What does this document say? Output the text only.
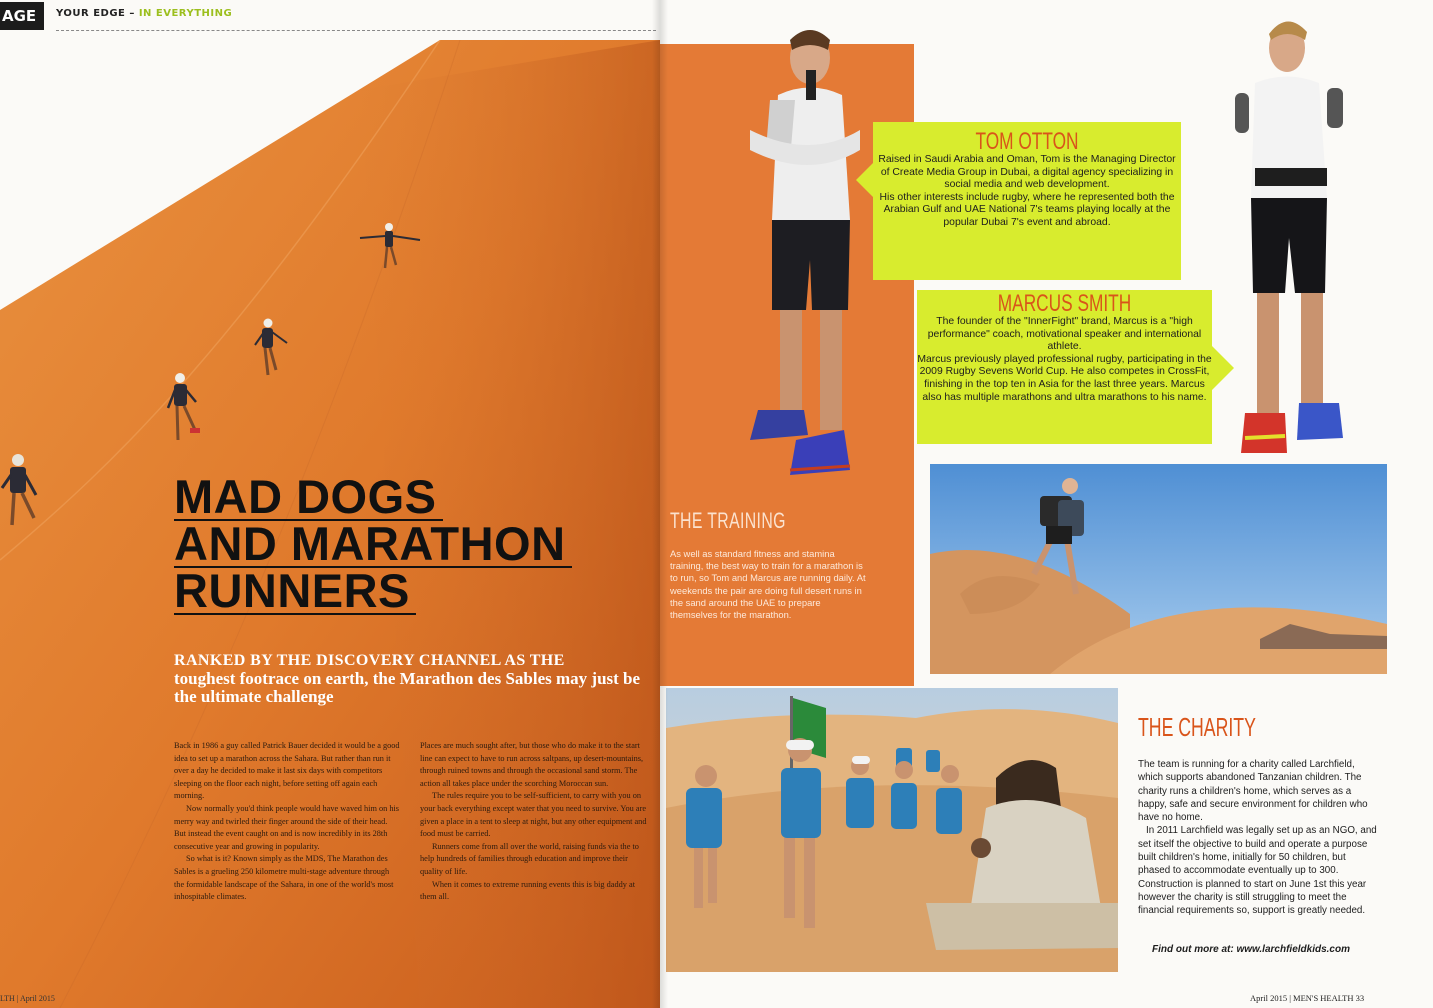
AGE	YOUR EDGE – IN EVERYTHING
MAD DOGS
AND MARATHON
RUNNERS
RANKED BY THE DISCOVERY CHANNEL AS THE
toughest footrace on earth, the Marathon des Sables may just be the ultimate challenge

Back in 1986 a guy called Patrick Bauer decided it would be a good idea to set up a marathon across the Sahara. But rather than run it over a day he decided to make it last six days with competitors sleeping on the floor each night, before setting off again each morning.

Now normally you'd think people would have waved him on his merry way and twirled their finger around the side of their head. But instead the event caught on and is now incredibly in its 28th consecutive year and growing in popularity.

So what is it? Known simply as the MDS, The Marathon des Sables is a grueling 250 kilometre multi-stage adventure through the formidable landscape of the Sahara, in one of the world's most inhospitable climates.

Places are much sought after, but those who do make it to the start line can expect to have to run across saltpans, up desert-mountains, through ruined towns and through the occasional sand storm. The action all takes place under the scorching Moroccan sun.

The rules require you to be self-sufficient, to carry with you on your back everything except water that you need to survive. You are given a place in a tent to sleep at night, but any other equipment and food must be carried.

Runners come from all over the world, raising funds via the to help hundreds of families through education and improve their quality of life.

When it comes to extreme running events this is big daddy at them all.

LTH | April 2015
TOM OTTON

Raised in Saudi Arabia and Oman, Tom is the Managing Director of Create Media Group in Dubai, a digital agency specializing in social media and web development.

His other interests include rugby, where he represented both the Arabian Gulf and UAE National 7's teams playing locally at the popular Dubai 7's event and abroad.

MARCUS SMITH

The founder of the "InnerFight" brand, Marcus is a "high performance" coach, motivational speaker and international athlete.

Marcus previously played professional rugby, participating in the 2009 Rugby Sevens World Cup. He also competes in CrossFit, finishing in the top ten in Asia for the last three years. Marcus also has multiple marathons and ultra marathons to his name.

THE TRAINING
As well as standard fitness and stamina training, the best way to train for a marathon is to run, so Tom and Marcus are running daily. At weekends the pair are doing full desert runs in the sand around the UAE to prepare themselves for the marathon.
THE CHARITY

The team is running for a charity called Larchfield, which supports abandoned Tanzanian children. The charity runs a children's home, which serves as a happy, safe and secure environment for children who have no home.

In 2011 Larchfield was legally set up as an NGO, and set itself the objective to build and operate a purpose built children's home, initially for 50 children, but phased to accommodate eventually up to 300. Construction is planned to start on June 1st this year however the charity is still struggling to meet the financial requirements so, support is greatly needed.

Find out more at: www.larchfieldkids.com
April 2015 | MEN'S HEALTH 33
